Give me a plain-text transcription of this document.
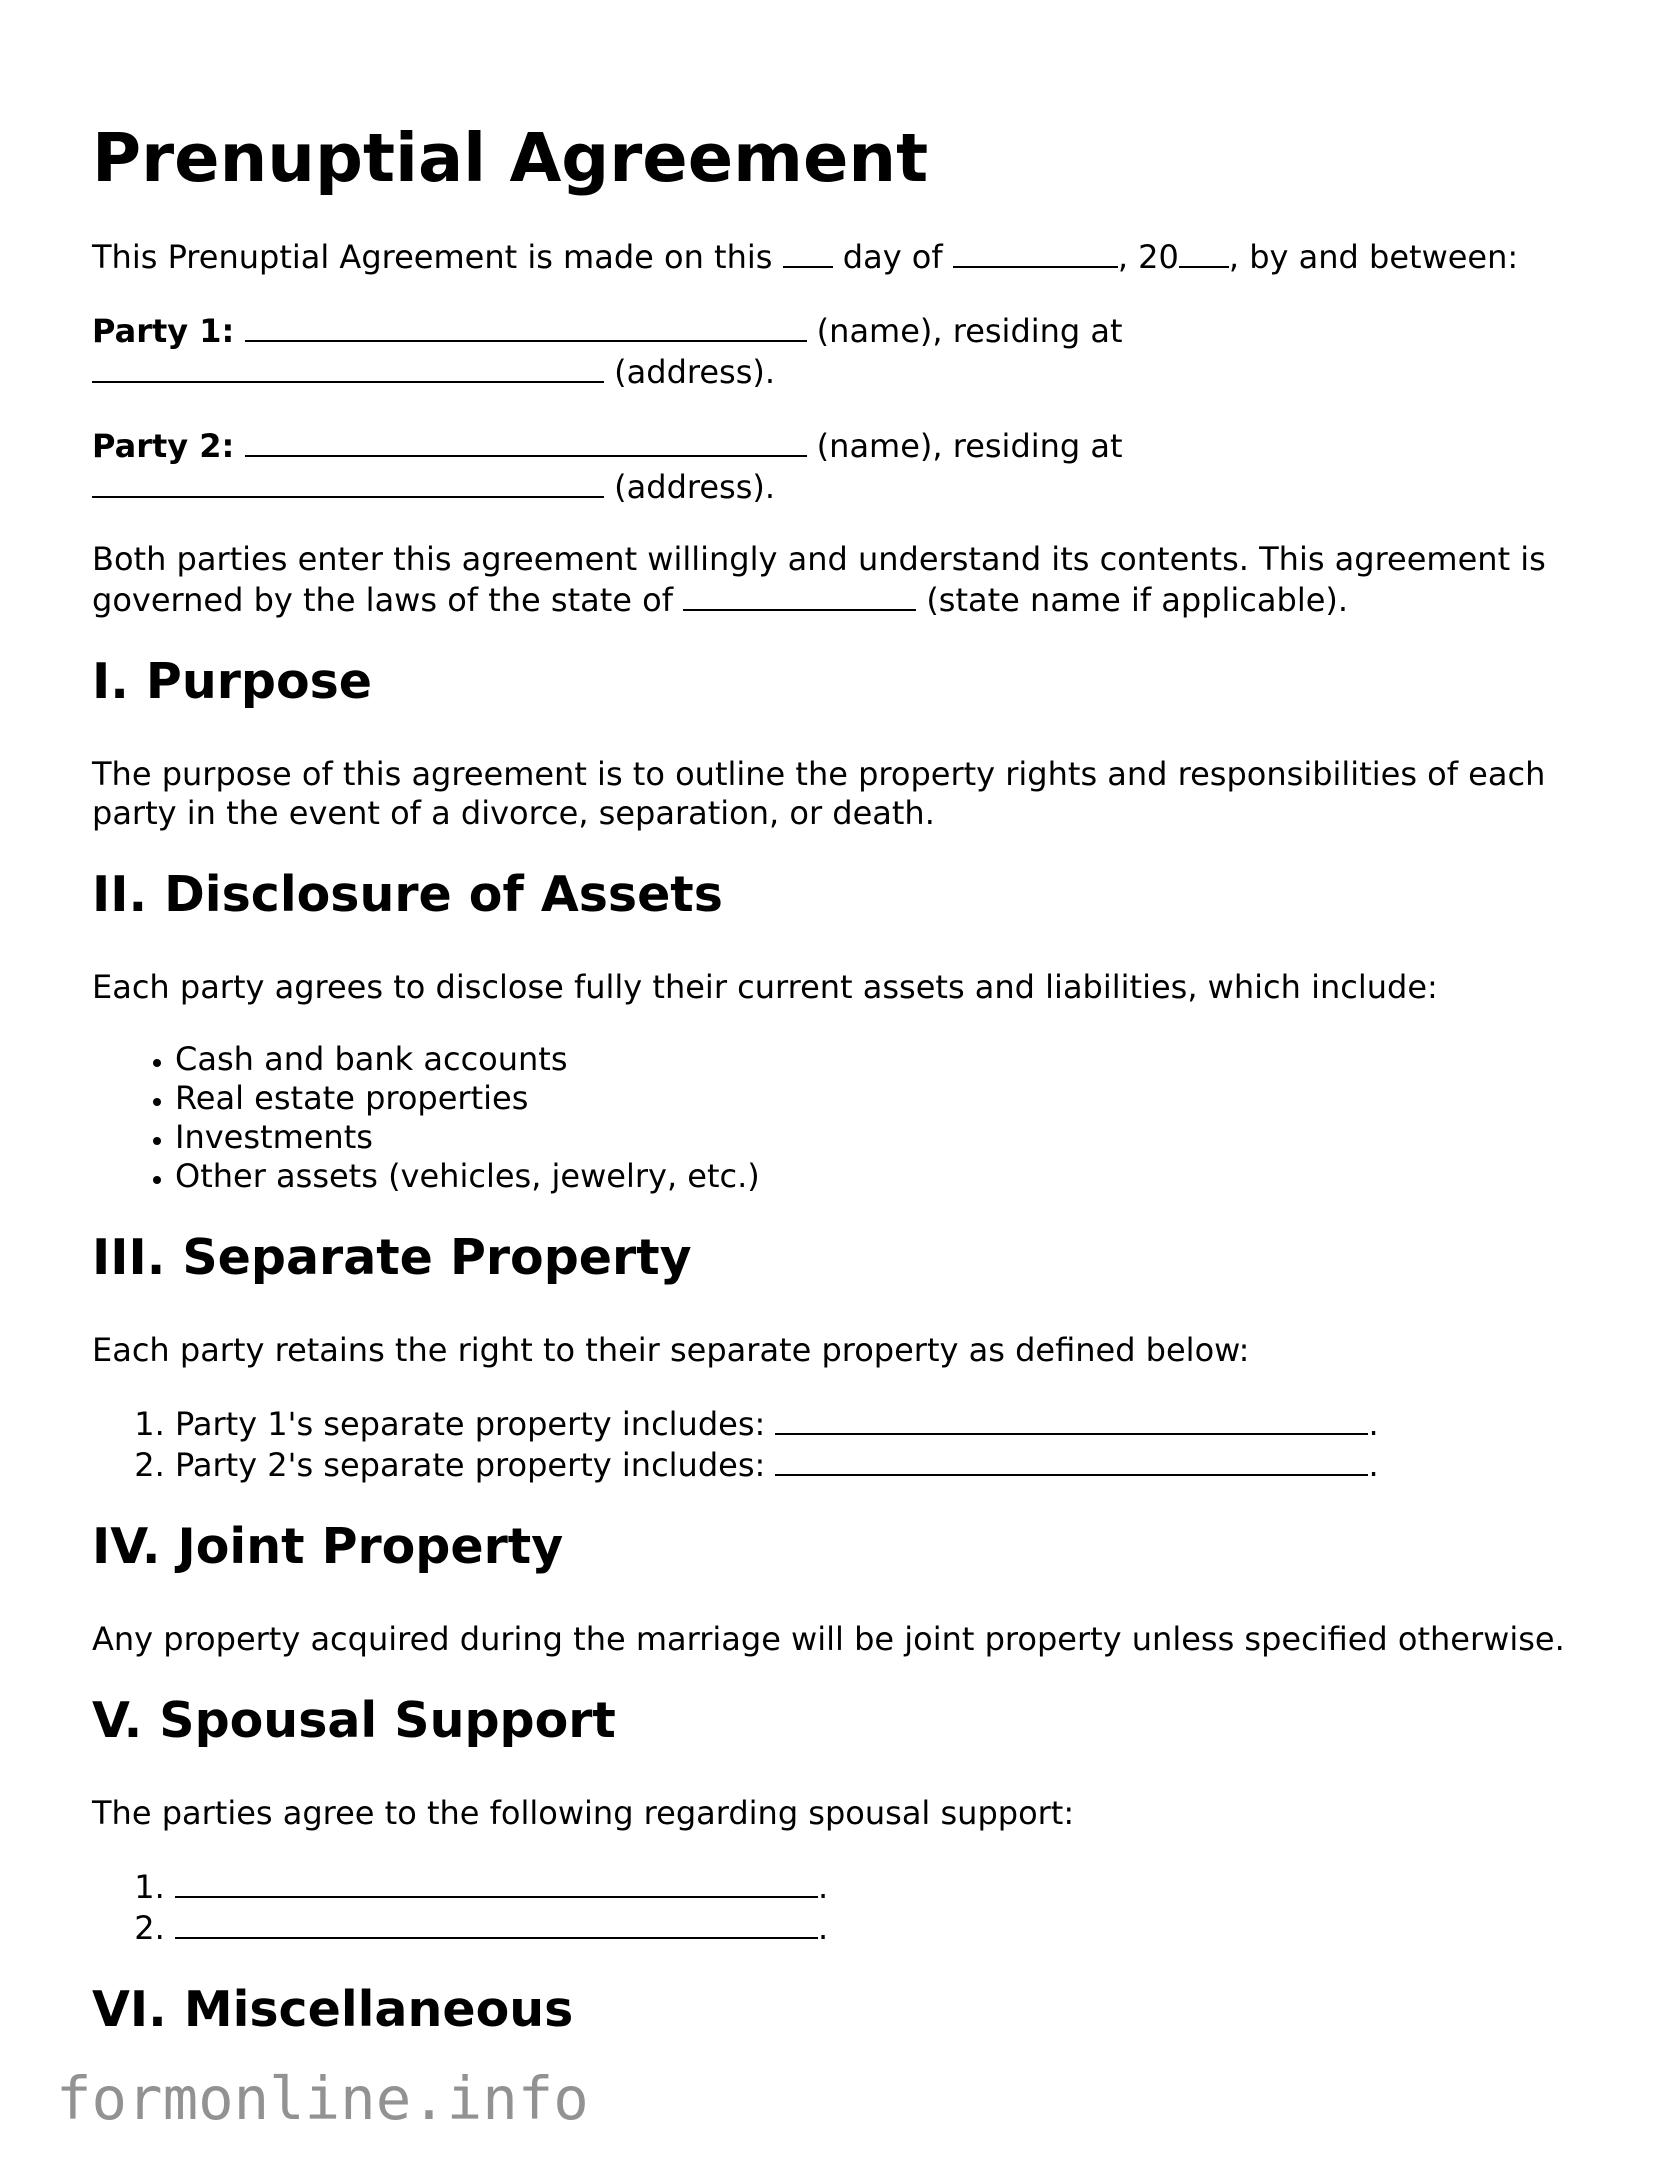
Prenuptial Agreement

This Prenuptial Agreement is made on this  day of	, 20 , by and between:

Party 1:	(name), residing at
(address).

Party 2:	(name), residing at
(address).

Both parties enter this agreement willingly and understand its contents. This agreement is governed by the laws of the state of	(state name if applicable).

I. Purpose

The purpose of this agreement is to outline the property rights and responsibilities of each party in the event of a divorce, separation, or death.

II. Disclosure of Assets

Each party agrees to disclose fully their current assets and liabilities, which include:

• Cash and bank accounts
• Real estate properties
• Investments
• Other assets (vehicles, jewelry, etc.)
III. Separate Property

Each party retains the right to their separate property as defined below:

1. Party 1's separate property includes:	.
2. Party 2's separate property includes:	.
IV. Joint Property

Any property acquired during the marriage will be joint property unless specified otherwise.

V. Spousal Support

The parties agree to the following regarding spousal support:

1. .
2. .
VI. Miscellaneous
formonline.info
